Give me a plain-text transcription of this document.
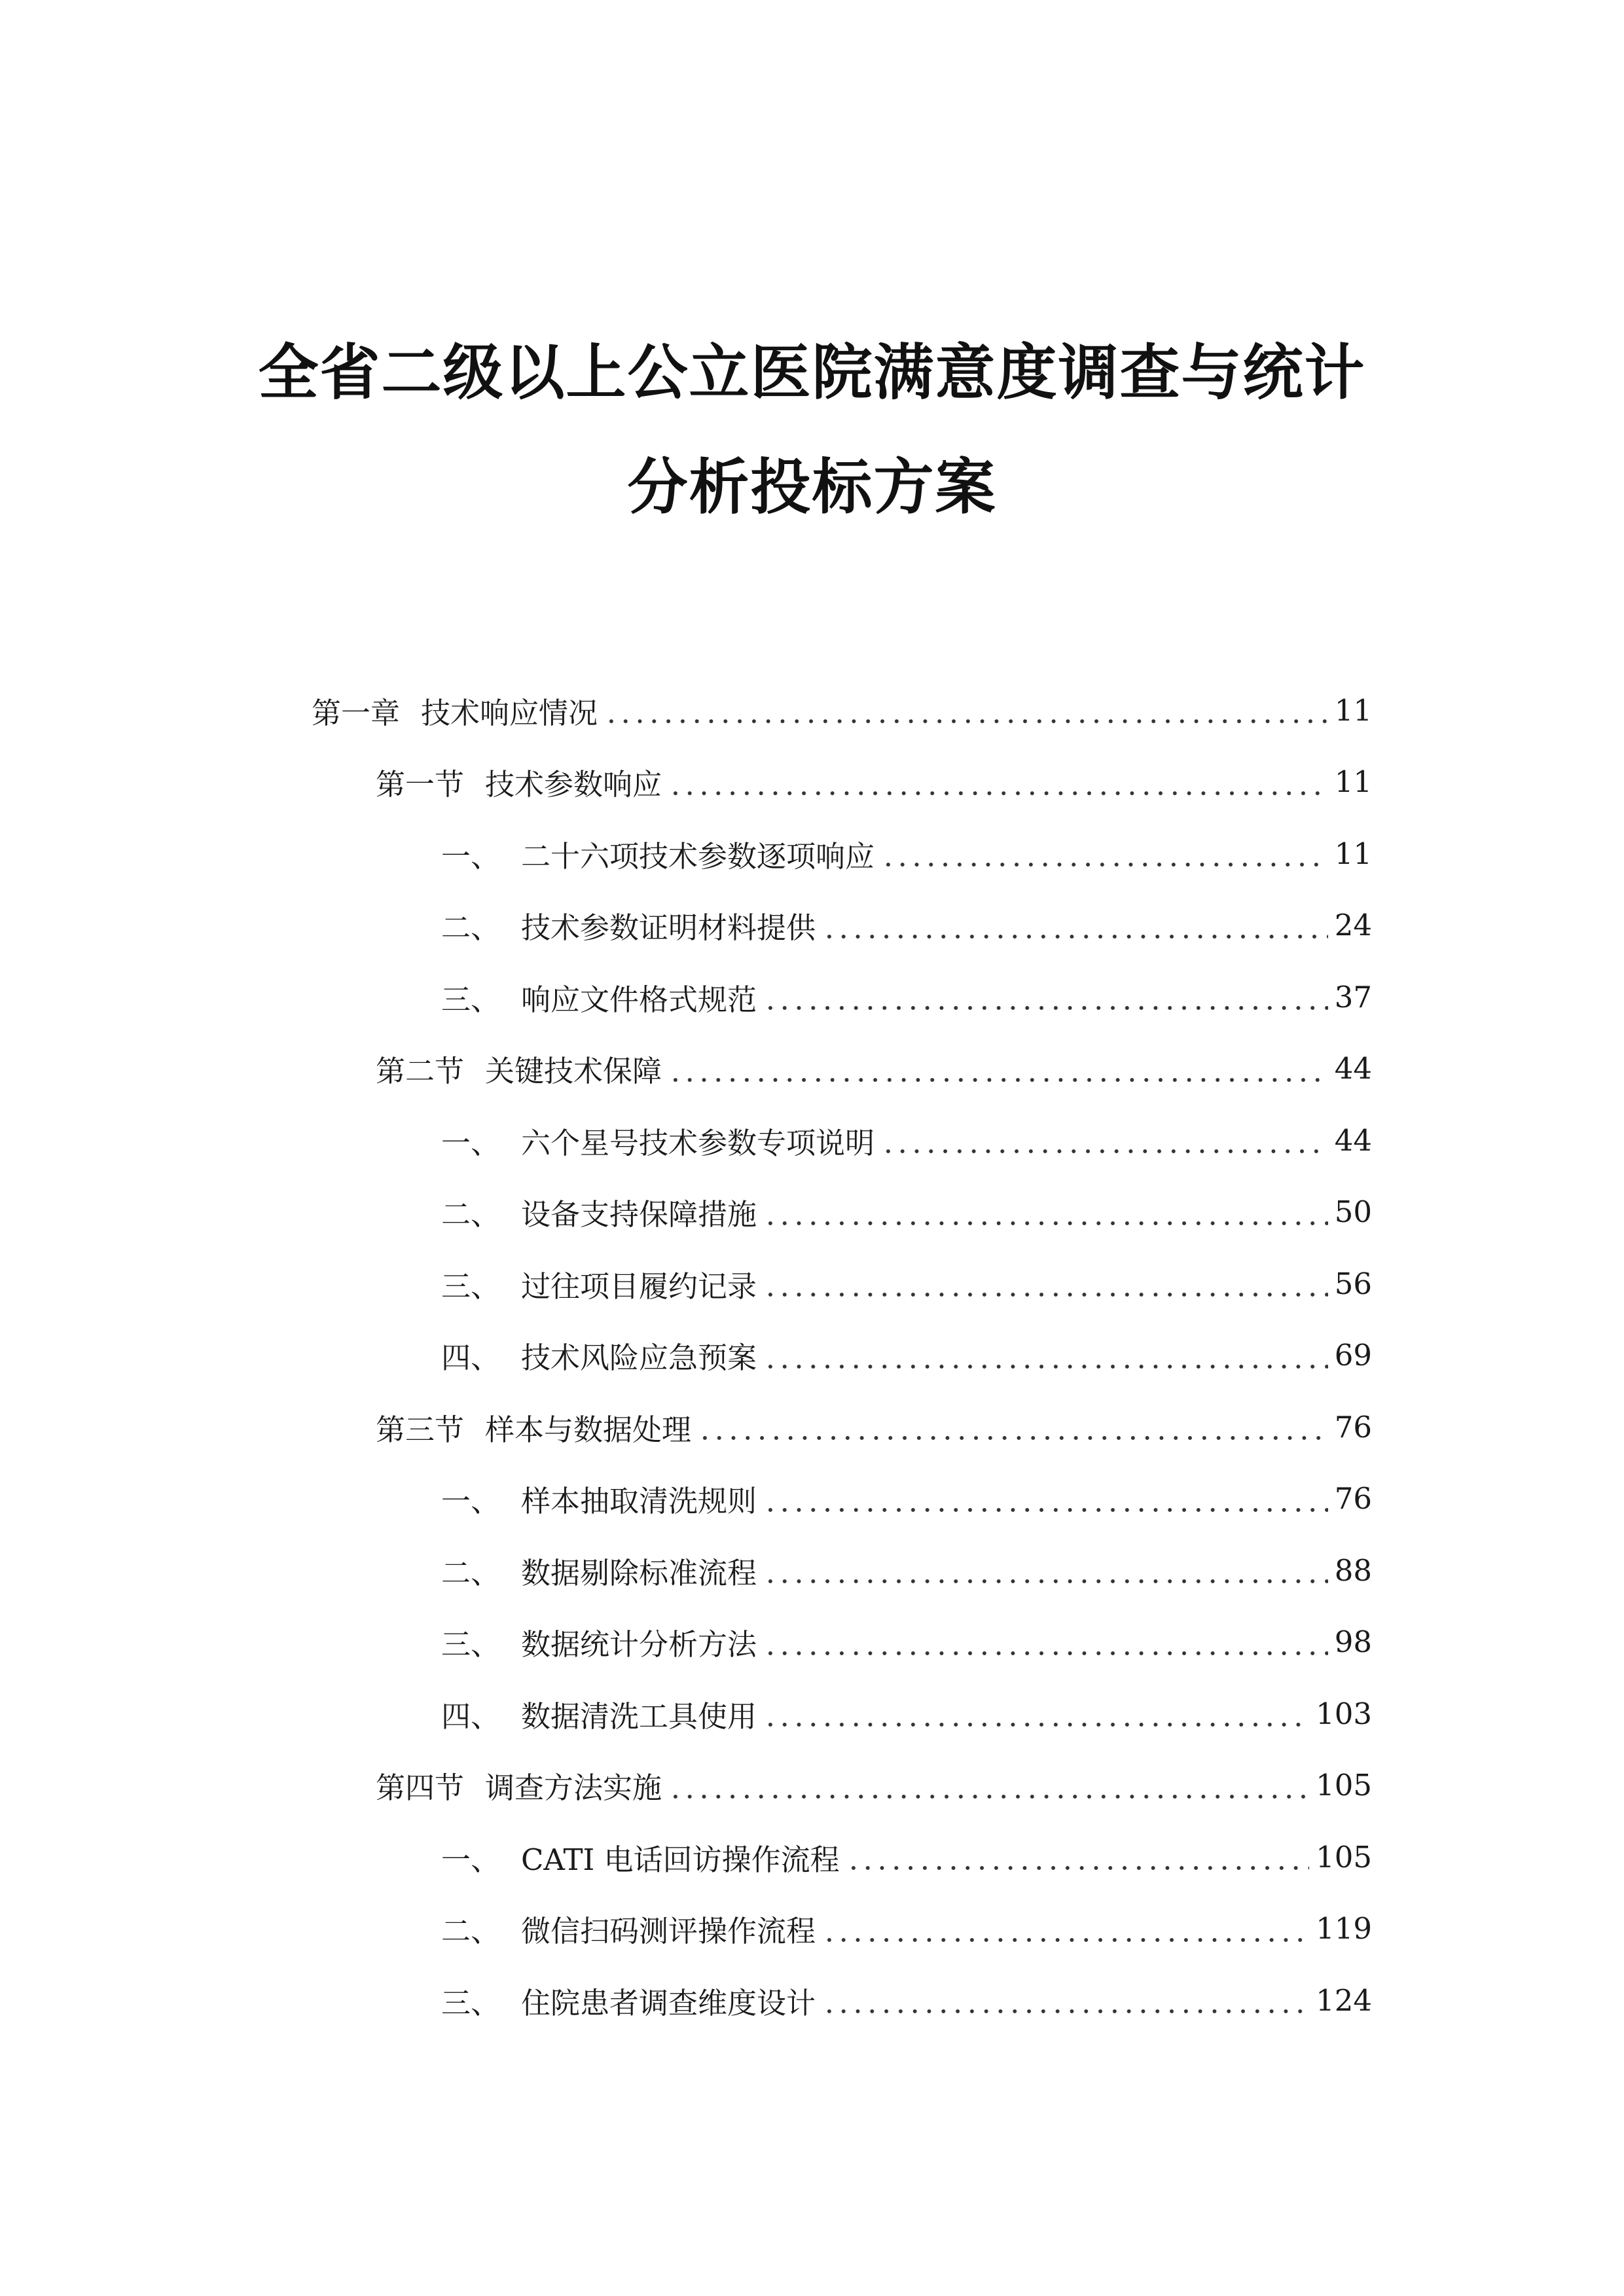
全省二级以上公立医院满意度调查与统计
分析投标方案
第一章 技术响应情况	11
第一节 技术参数响应	11
一、 二十六项技术参数逐项响应	11
二、 技术参数证明材料提供	24
三、 响应文件格式规范	37
第二节 关键技术保障	44
一、 六个星号技术参数专项说明	44
二、 设备支持保障措施	50
三、 过往项目履约记录	56
四、 技术风险应急预案	69
第三节 样本与数据处理	76
一、 样本抽取清洗规则	76
二、 数据剔除标准流程	88
三、 数据统计分析方法	98
四、 数据清洗工具使用	103
第四节 调查方法实施	105
一、 CATI 电话回访操作流程	105
二、 微信扫码测评操作流程	119
三、 住院患者调查维度设计	124
